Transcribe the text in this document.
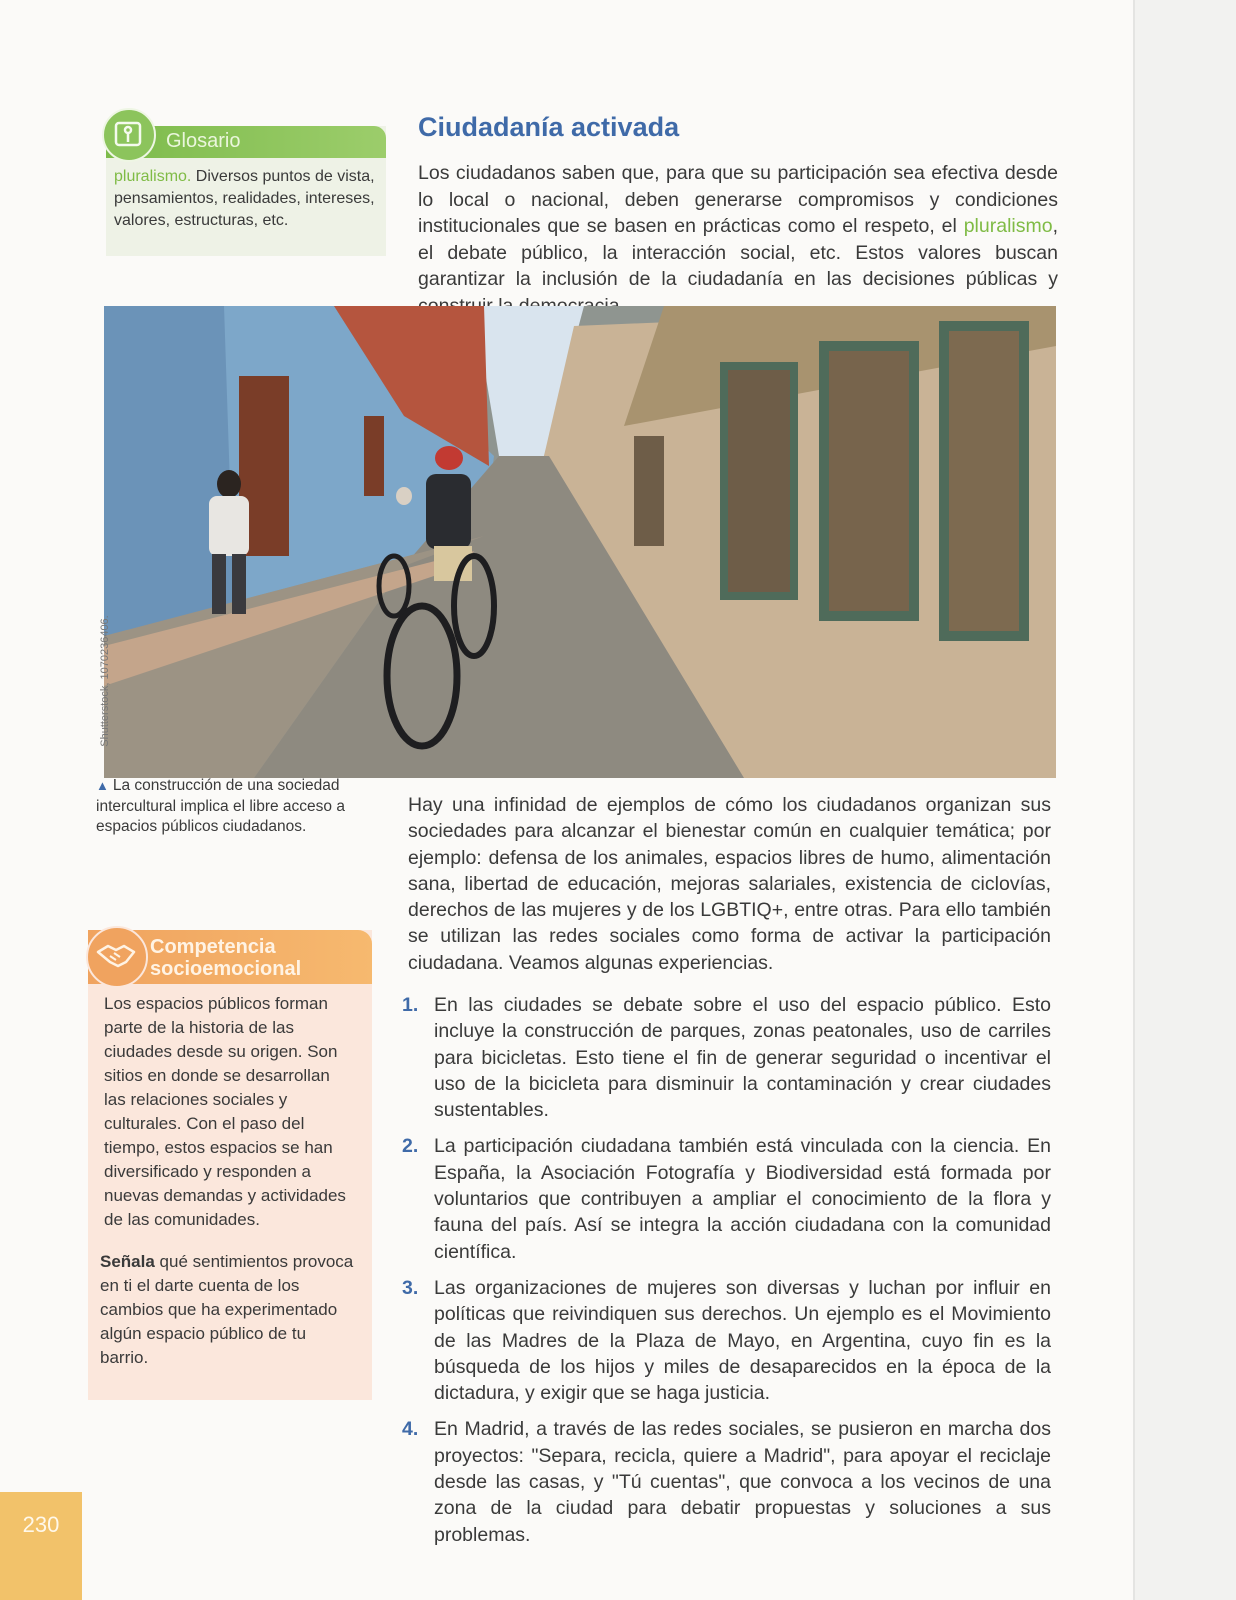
Glosario

pluralismo. Diversos puntos de vista, pensamientos, realidades, intereses, valores, estructuras, etc.

Ciudadanía activada

Los ciudadanos saben que, para que su participación sea efectiva desde lo local o nacional, deben generarse compromisos y condiciones institucionales que se basen en prácticas como el respeto, el pluralismo, el debate público, la interacción social, etc. Estos valores buscan garantizar la inclusión de la ciudadanía en las decisiones públicas y

Shutterstock, 1070236406.

▲ La construcción de una sociedad intercultural implica el libre acceso a espacios públicos ciudadanos.

Competencia
socioemocional

Los espacios públicos forman parte de la historia de las ciudades desde su origen. Son sitios en donde se desarrollan las relaciones sociales y culturales. Con el paso del tiempo, estos espacios se han diversificado y responden a nuevas demandas y actividades de las comunidades.

Señala qué sentimientos provoca en ti el darte cuenta de los cambios que ha experimentado algún espacio público de tu barrio.

Hay una infinidad de ejemplos de cómo los ciudadanos organizan sus sociedades para alcanzar el bienestar común en cualquier temática; por ejemplo: defensa de los animales, espacios libres de humo, alimentación sana, libertad de educación, mejoras salariales, existencia de ciclovías, derechos de las mujeres y de los LGBTIQ+, entre otras. Para ello también se utilizan las redes sociales como forma de activar la participación ciudadana. Veamos algunas experiencias.

1. En las ciudades se debate sobre el uso del espacio público. Esto incluye la construcción de parques, zonas peatonales, uso de carriles para bicicletas. Esto tiene el fin de generar seguridad o incentivar el uso de la bicicleta para disminuir la contaminación y crear ciudades sustentables.
2. La participación ciudadana también está vinculada con la ciencia. En España, la Asociación Fotografía y Biodiversidad está formada por voluntarios que contribuyen a ampliar el conocimiento de la flora y fauna del país. Así se integra la acción ciudadana con la comunidad científica.
3. Las organizaciones de mujeres son diversas y luchan por influir en políticas que reivindiquen sus derechos. Un ejemplo es el Movimiento de las Madres de la Plaza de Mayo, en Argentina, cuyo fin es la búsqueda de los hijos y miles de desaparecidos en la época de la dictadura, y exigir que se haga justicia.
4. En Madrid, a través de las redes sociales, se pusieron en marcha dos proyectos: "Separa, recicla, quiere a Madrid", para apoyar el reciclaje desde las casas, y "Tú cuentas", que convoca a los vecinos de una zona de la ciudad para debatir propuestas y soluciones a sus problemas.
230
